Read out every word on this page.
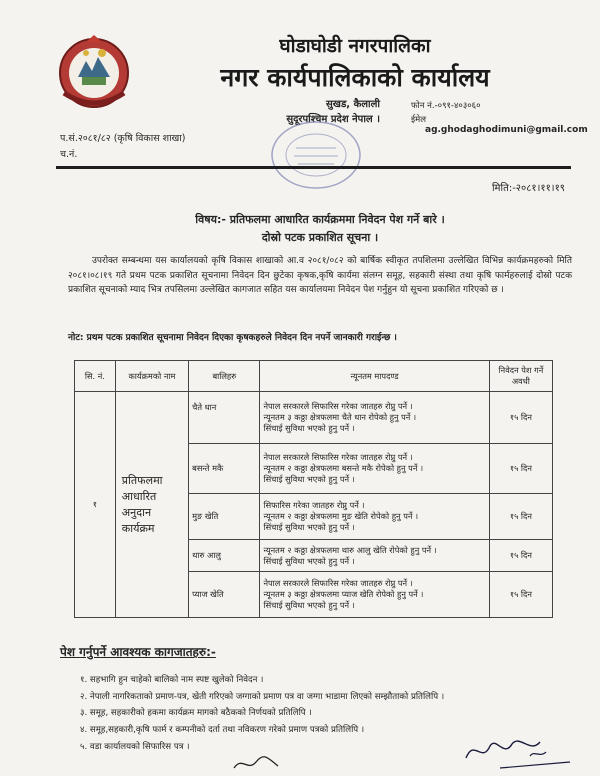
घोडाघोडी नगरपालिका
नगर कार्यपालिकाको कार्यालय
सुखड, कैलाली
सुदूरपश्चिम प्रदेश नेपाल ।
फोन नं.-०९१-४०३०६०
ईमेल ag.ghodaghodimuni@gmail.com
प.सं.२०८१/८२ (कृषि विकास शाखा)
च.नं.
मिति:-२०८१।११।१९
विषय:- प्रतिफलमा आधारित कार्यक्रममा निवेदन पेश गर्ने बारे ।
दोस्रो पटक प्रकाशित सूचना ।
उपरोक्त सम्बन्धमा यस कार्यालयको कृषि विकास शाखाको आ.व २०८१/०८२ को बार्षिक स्वीकृत तपशिलमा उल्लेखित विभिन्न कार्यक्रमहरुको मिति २०८१।०८।१९ गते प्रथम पटक प्रकाशित सूचनामा निवेदन दिन छुटेका कृषक,कृषि कार्यमा संलग्न समूह, सहकारी संस्था तथा कृषि फार्महरुलाई दोस्रो पटक प्रकाशित सूचनाको म्याद भित्र तपसिलमा उल्लेखित कागजात सहित यस कार्यालयमा निवेदन पेश गर्नुहुन यो सूचना प्रकाशित गरिएको छ ।
नोट: प्रथम पटक प्रकाशित सूचनामा निवेदन दिएका कृषकहरुले निवेदन दिन नपर्ने जानकारी गराईन्छ ।
सि. नं.	कार्यक्रमको नाम	बालिहरु	न्यूनतम मापदण्ड	निवेदन पेश गर्ने अवधी
१	प्रतिफलमा आधारित अनुदान कार्यक्रम	चैते धान	नेपाल सरकारले सिफारिस गरेका जातहरु रोप्नु पर्ने ।
न्यूनतम ३ कठ्ठा क्षेत्रफलमा चैते धान रोपेको हुनु पर्ने ।
सिंचाई सुविधा भएको हुनु पर्ने ।	१५ दिन
		बसन्ते मकै	नेपाल सरकारले सिफारिस गरेका जातहरु रोप्नु पर्ने ।
न्यूनतम २ कठ्ठा क्षेत्रफलमा बसन्ते मकै रोपेको हुनु पर्ने ।
सिंचाई सुविधा भएको हुनु पर्ने ।	१५ दिन
		मुङ खेति	सिफारिस गरेका जातहरु रोप्नु पर्ने ।
न्यूनतम २ कठ्ठा क्षेत्रफलमा मुङ खेति रोपेको हुनु पर्ने ।
सिंचाई सुविधा भएको हुनु पर्ने ।	१५ दिन
		थारु आलु	न्यूनतम २ कठ्ठा क्षेत्रफलमा थारु आलु खेति रोपेको हुनु पर्ने ।
सिंचाई सुविधा भएको हुनु पर्ने ।	१५ दिन
		प्याज खेति	नेपाल सरकारले सिफारिस गरेका जातहरु रोप्नु पर्ने ।
न्यूनतम ३ कठ्ठा क्षेत्रफलमा प्याज खेति रोपेको हुनु पर्ने ।
सिंचाई सुविधा भएको हुनु पर्ने ।	१५ दिन
पेश गर्नुपर्ने आवश्यक कागजातहरु:-
१. सहभागि हुन चाहेको बालिको नाम स्पष्ट खुलेको निवेदन ।
२. नेपाली नागरिकताको प्रमाण-पत्र, खेती गरिएको जग्गाको प्रमाण पत्र वा जग्गा भाडामा लिएको सम्झौताको प्रतिलिपि ।
३. समूह, सहकारीको हकमा कार्यक्रम मागको बठैकको निर्णयको प्रतिलिपि ।
४. समूह,सहकारी,कृषि फार्म र कम्पनीको दर्ता तथा नविकरण गरेको प्रमाण पत्रको प्रतिलिपि ।
५. वडा कार्यालयको सिफारिस पत्र ।
